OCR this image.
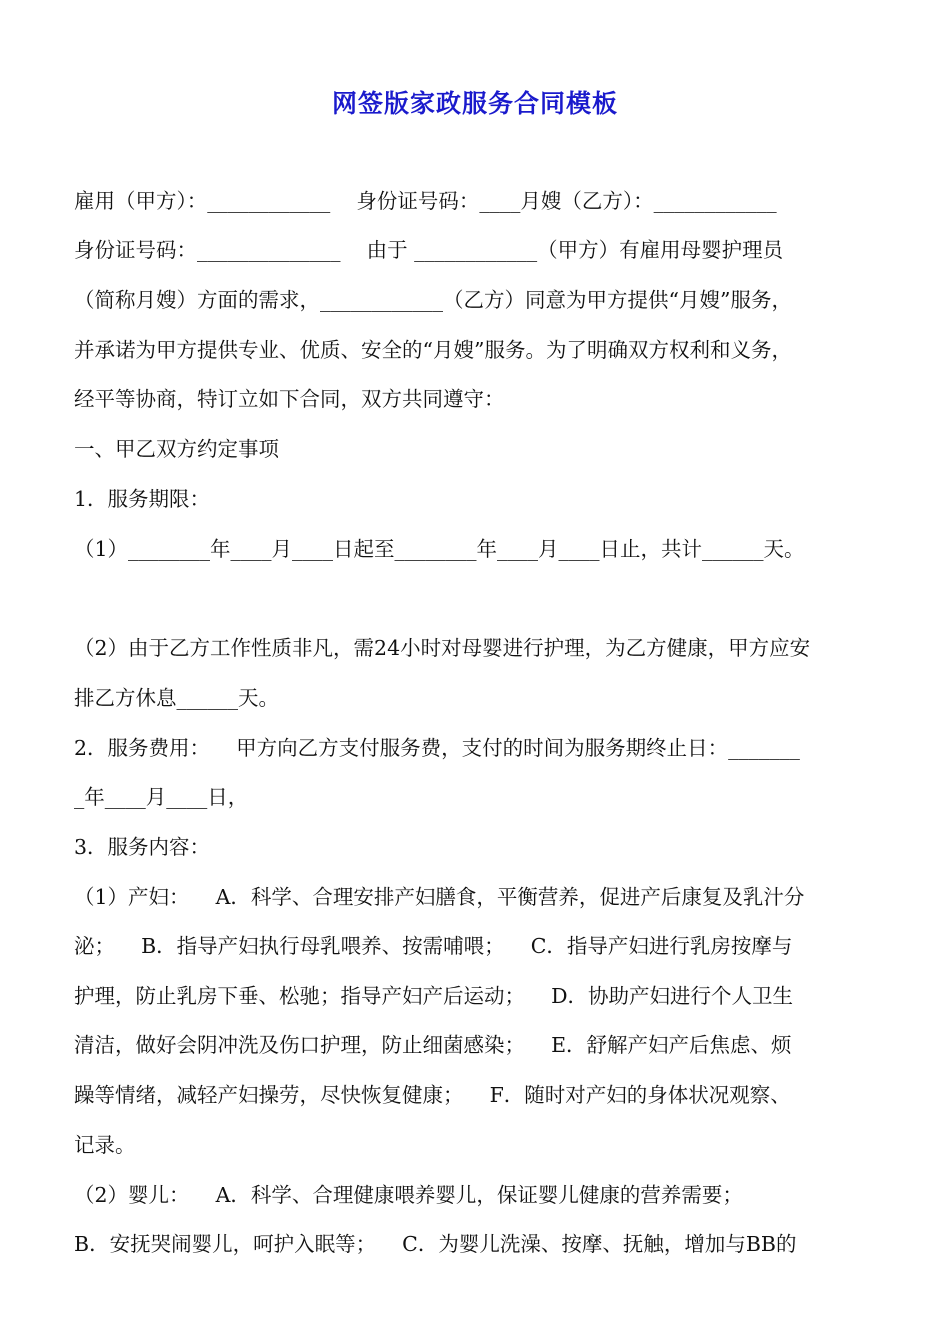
网签版家政服务合同模板
雇用（甲方）：____________    身份证号码：____月嫂（乙方）：____________
身份证号码：______________    由于 ____________（甲方）有雇用母婴护理员
（简称月嫂）方面的需求，____________（乙方）同意为甲方提供“月嫂”服务，
并承诺为甲方提供专业、优质、安全的“月嫂”服务。为了明确双方权利和义务，
经平等协商，特订立如下合同，双方共同遵守：
一、甲乙双方约定事项
1．服务期限：
（1）________年____月____日起至________年____月____日止，共计______天。
（2）由于乙方工作性质非凡，需24小时对母婴进行护理，为乙方健康，甲方应安
排乙方休息______天。
2．服务费用：    甲方向乙方支付服务费，支付的时间为服务期终止日：_______
_年____月____日，
3．服务内容：
（1）产妇：    A．科学、合理安排产妇膳食，平衡营养，促进产后康复及乳汁分
泌；    B．指导产妇执行母乳喂养、按需哺喂；    C．指导产妇进行乳房按摩与
护理，防止乳房下垂、松驰；指导产妇产后运动；    D．协助产妇进行个人卫生
清洁，做好会阴冲洗及伤口护理，防止细菌感染；    E．舒解产妇产后焦虑、烦
躁等情绪，减轻产妇操劳，尽快恢复健康；    F．随时对产妇的身体状况观察、
记录。
（2）婴儿：    A．科学、合理健康喂养婴儿，保证婴儿健康的营养需要；
B．安抚哭闹婴儿，呵护入眠等；    C．为婴儿洗澡、按摩、抚触，增加与BB的
